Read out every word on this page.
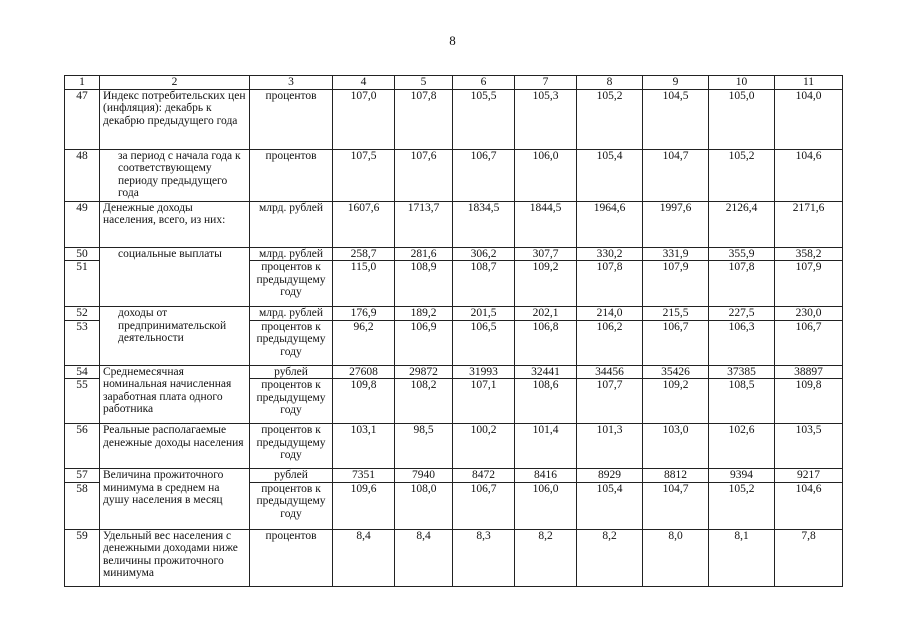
8
1	2	3	4	5	6	7	8	9	10	11
47	Индекс потребительских цен (инфляция): декабрь к декабрю предыдущего года	процентов	107,0	107,8	105,5	105,3	105,2	104,5	105,0	104,0
48	за период с начала года к соответствующему периоду предыдущего года	процентов	107,5	107,6	106,7	106,0	105,4	104,7	105,2	104,6
49	Денежные доходы населения, всего, из них:	млрд. рублей	1607,6	1713,7	1834,5	1844,5	1964,6	1997,6	2126,4	2171,6
50	социальные выплаты	млрд. рублей	258,7	281,6	306,2	307,7	330,2	331,9	355,9	358,2
51		процентов к предыдущему году	115,0	108,9	108,7	109,2	107,8	107,9	107,8	107,9
52	доходы от предпринимательской деятельности	млрд. рублей	176,9	189,2	201,5	202,1	214,0	215,5	227,5	230,0
53		процентов к предыдущему году	96,2	106,9	106,5	106,8	106,2	106,7	106,3	106,7
54	Среднемесячная номинальная начисленная заработная плата одного работника	рублей	27608	29872	31993	32441	34456	35426	37385	38897
55		процентов к предыдущему году	109,8	108,2	107,1	108,6	107,7	109,2	108,5	109,8
56	Реальные располагаемые денежные доходы населения	процентов к предыдущему году	103,1	98,5	100,2	101,4	101,3	103,0	102,6	103,5
57	Величина прожиточного минимума в среднем на душу населения в месяц	рублей	7351	7940	8472	8416	8929	8812	9394	9217
58		процентов к предыдущему году	109,6	108,0	106,7	106,0	105,4	104,7	105,2	104,6
59	Удельный вес населения с денежными доходами ниже величины прожиточного минимума	процентов	8,4	8,4	8,3	8,2	8,2	8,0	8,1	7,8
